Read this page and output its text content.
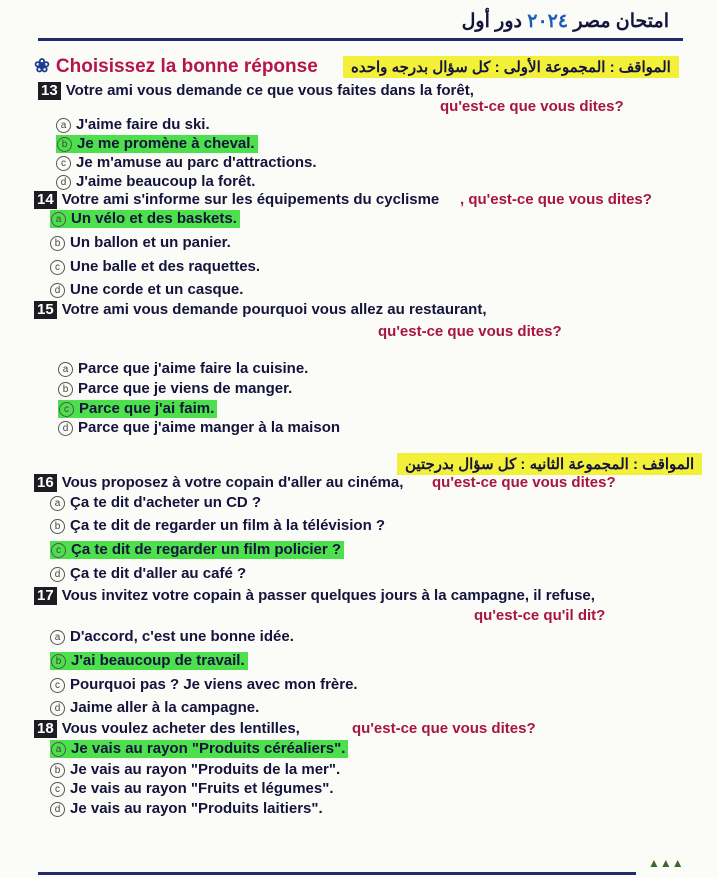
امتحان مصر ٢٠٢٤ دور أول
❀ Choisissez la bonne réponse	المواقف : المجموعة الأولى : كل سؤال بدرجه واحده
13 Votre ami vous demande ce que vous faites dans la forêt,
qu'est-ce que vous dites?
a J'aime faire du ski.
b Je me promène à cheval.
c Je m'amuse au parc d'attractions.
d J'aime beaucoup la forêt.
14 Votre ami s'informe sur les équipements du cyclisme , qu'est-ce que vous dites?
a Un vélo et des baskets.
b Un ballon et un panier.
c Une balle et des raquettes.
d Une corde et un casque.
15 Votre ami vous demande pourquoi vous allez au restaurant,
qu'est-ce que vous dites?
a Parce que j'aime faire la cuisine.
b Parce que je viens de manger.
c Parce que j'ai faim.
d Parce que j'aime manger à la maison
المواقف : المجموعة الثانيه : كل سؤال بدرجتين
16 Vous proposez à votre copain d'aller au cinéma, qu'est-ce que vous dites?
a Ça te dit d'acheter un CD ?
b Ça te dit de regarder un film à la télévision ?
c Ça te dit de regarder un film policier ?
d Ça te dit d'aller au café ?
17 Vous invitez votre copain à passer quelques jours à la campagne, il refuse,
qu'est-ce qu'il dit?
a D'accord, c'est une bonne idée.
b J'ai beaucoup de travail.
c Pourquoi pas ? Je viens avec mon frère.
d Jaime aller à la campagne.
18 Vous voulez acheter des lentilles,	qu'est-ce que vous dites?
a Je vais au rayon "Produits céréaliers".
b Je vais au rayon "Produits de la mer".
c Je vais au rayon "Fruits et légumes".
d Je vais au rayon "Produits laitiers".
▲▲▲
